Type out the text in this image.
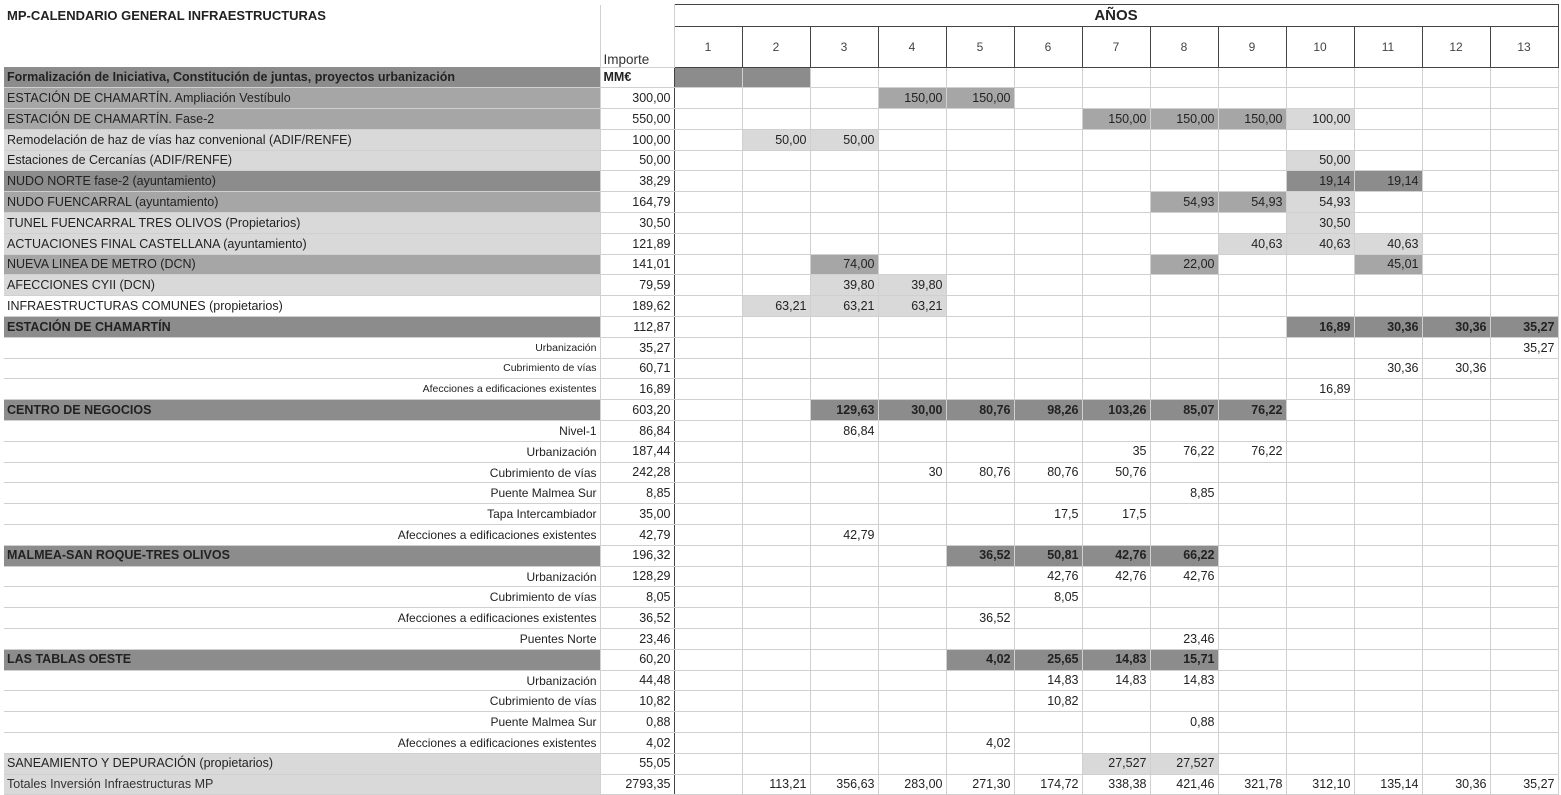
MP-CALENDARIO GENERAL INFRAESTRUCTURAS		AÑOS												
	Importe	1	2	3	4	5	6	7	8	9	10	11	12	13
Formalización de Iniciativa, Constitución de juntas, proyectos urbanización	MM€													
ESTACIÓN DE CHAMARTÍN. Ampliación Vestíbulo	300,00				150,00	150,00								
ESTACIÓN DE CHAMARTÍN. Fase-2	550,00							150,00	150,00	150,00	100,00			
Remodelación de haz de vías haz convenional (ADIF/RENFE)	100,00		50,00	50,00										
Estaciones de Cercanías (ADIF/RENFE)	50,00										50,00			
NUDO NORTE fase-2 (ayuntamiento)	38,29										19,14	19,14		
NUDO FUENCARRAL (ayuntamiento)	164,79								54,93	54,93	54,93			
TUNEL FUENCARRAL TRES OLIVOS (Propietarios)	30,50										30,50			
ACTUACIONES FINAL CASTELLANA (ayuntamiento)	121,89									40,63	40,63	40,63		
NUEVA LINEA DE METRO (DCN)	141,01			74,00					22,00			45,01		
AFECCIONES CYII (DCN)	79,59			39,80	39,80									
INFRAESTRUCTURAS COMUNES (propietarios)	189,62		63,21	63,21	63,21									
ESTACIÓN DE CHAMARTÍN	112,87										16,89	30,36	30,36	35,27
Urbanización	35,27													35,27
Cubrimiento de vías	60,71											30,36	30,36	
Afecciones a edificaciones existentes	16,89										16,89			
CENTRO DE NEGOCIOS	603,20			129,63	30,00	80,76	98,26	103,26	85,07	76,22				
Nivel-1	86,84			86,84										
Urbanización	187,44							35	76,22	76,22				
Cubrimiento de vías	242,28				30	80,76	80,76	50,76						
Puente Malmea Sur	8,85								8,85					
Tapa Intercambiador	35,00						17,5	17,5						
Afecciones a edificaciones existentes	42,79			42,79										
MALMEA-SAN ROQUE-TRES OLIVOS	196,32					36,52	50,81	42,76	66,22					
Urbanización	128,29						42,76	42,76	42,76					
Cubrimiento de vías	8,05						8,05							
Afecciones a edificaciones existentes	36,52					36,52								
Puentes Norte	23,46								23,46					
LAS TABLAS OESTE	60,20					4,02	25,65	14,83	15,71					
Urbanización	44,48						14,83	14,83	14,83					
Cubrimiento de vías	10,82						10,82							
Puente Malmea Sur	0,88								0,88					
Afecciones a edificaciones existentes	4,02					4,02								
SANEAMIENTO Y DEPURACIÓN (propietarios)	55,05							27,527	27,527					
Totales Inversión Infraestructuras MP	2793,35		113,21	356,63	283,00	271,30	174,72	338,38	421,46	321,78	312,10	135,14	30,36	35,27
